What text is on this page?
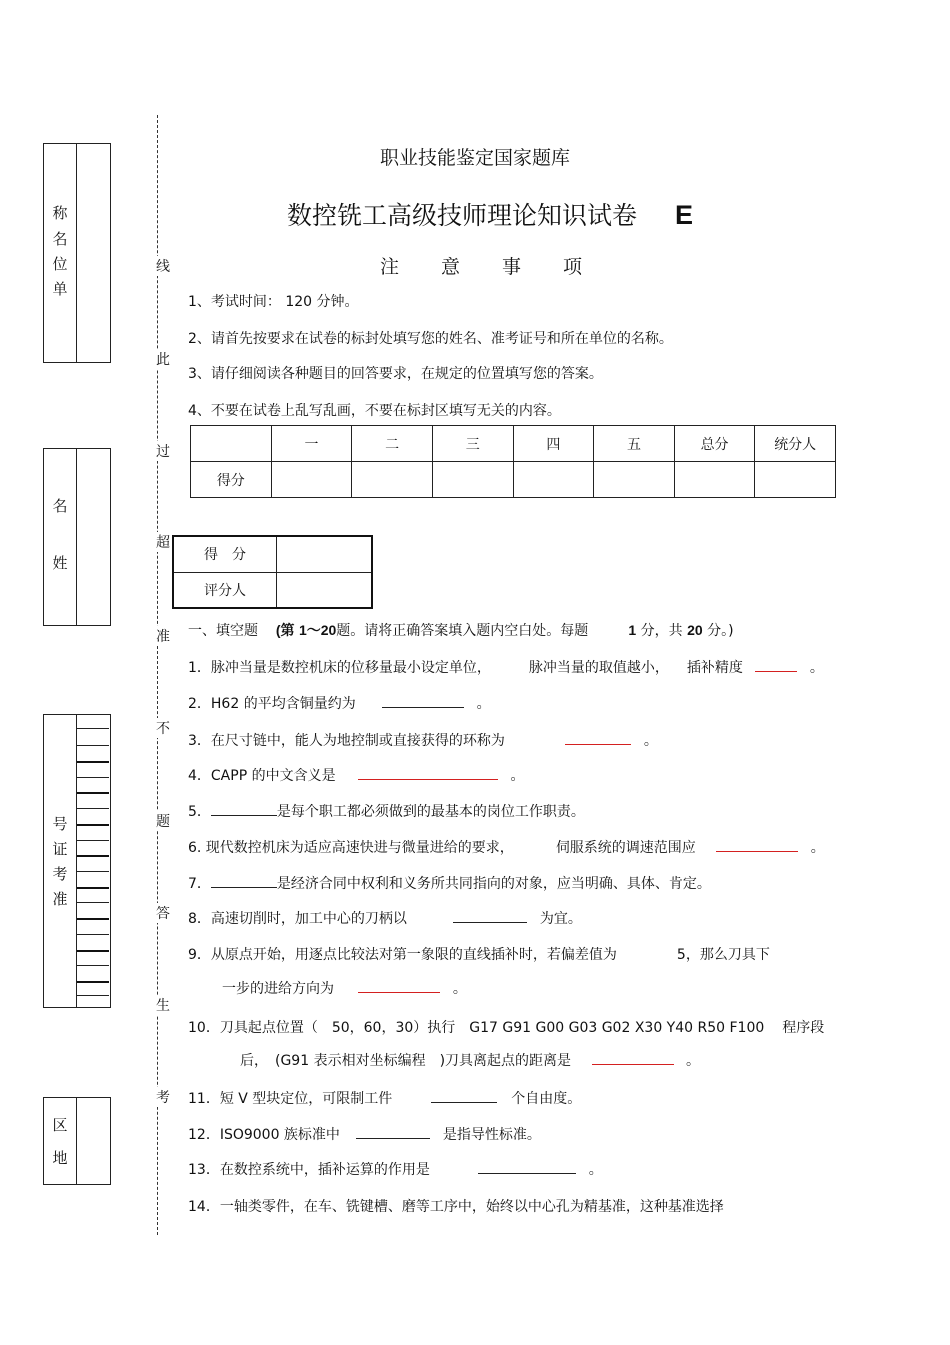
称
名
位
单
名
姓
号
证
考
准
区
地
线
此
过
超
准
不
题
答
生
考
职业技能鉴定国家题库
数控铣工高级技师理论知识试卷 E
注意事项
1、考试时间： 120 分钟。
2、请首先按要求在试卷的标封处填写您的姓名、准考证号和所在单位的名称。
3、请仔细阅读各种题目的回答要求，在规定的位置填写您的答案。
4、不要在试卷上乱写乱画，不要在标封区填写无关的内容。
	一	二	三	四	五	总分	统分人
得分							
得　分	
评分人	
一、填空题 (第 1～20题。请将正确答案填入题内空白处。每题	1 分，共 20 分。)
1．脉冲当量是数控机床的位移量最小设定单位，	脉冲当量的取值越小， 插补精度	。
2．H62 的平均含铜量约为	。
3．在尺寸链中，能人为地控制或直接获得的环称为	。
4．CAPP 的中文含义是	。
5．	是每个职工都必须做到的最基本的岗位工作职责。
6. 现代数控机床为适应高速快进与微量进给的要求，	伺服系统的调速范围应	。
7．	是经济合同中权利和义务所共同指向的对象，应当明确、具体、肯定。
8．高速切削时，加工中心的刀柄以	为宜。
9．从原点开始，用逐点比较法对第一象限的直线插补时，若偏差值为	5，那么刀具下
一步的进给方向为	。
10．刀具起点位置（　50，60，30）执行　G17 G91 G00 G03 G02 X30 Y40 R50 F100 程序段
后，　(G91 表示相对坐标编程　)刀具离起点的距离是	。
11．短 V 型块定位，可限制工件	个自由度。
12．ISO9000 族标准中	是指导性标准。
13．在数控系统中，插补运算的作用是	。
14．一轴类零件，在车、铣键槽、磨等工序中，始终以中心孔为精基准，这种基准选择
